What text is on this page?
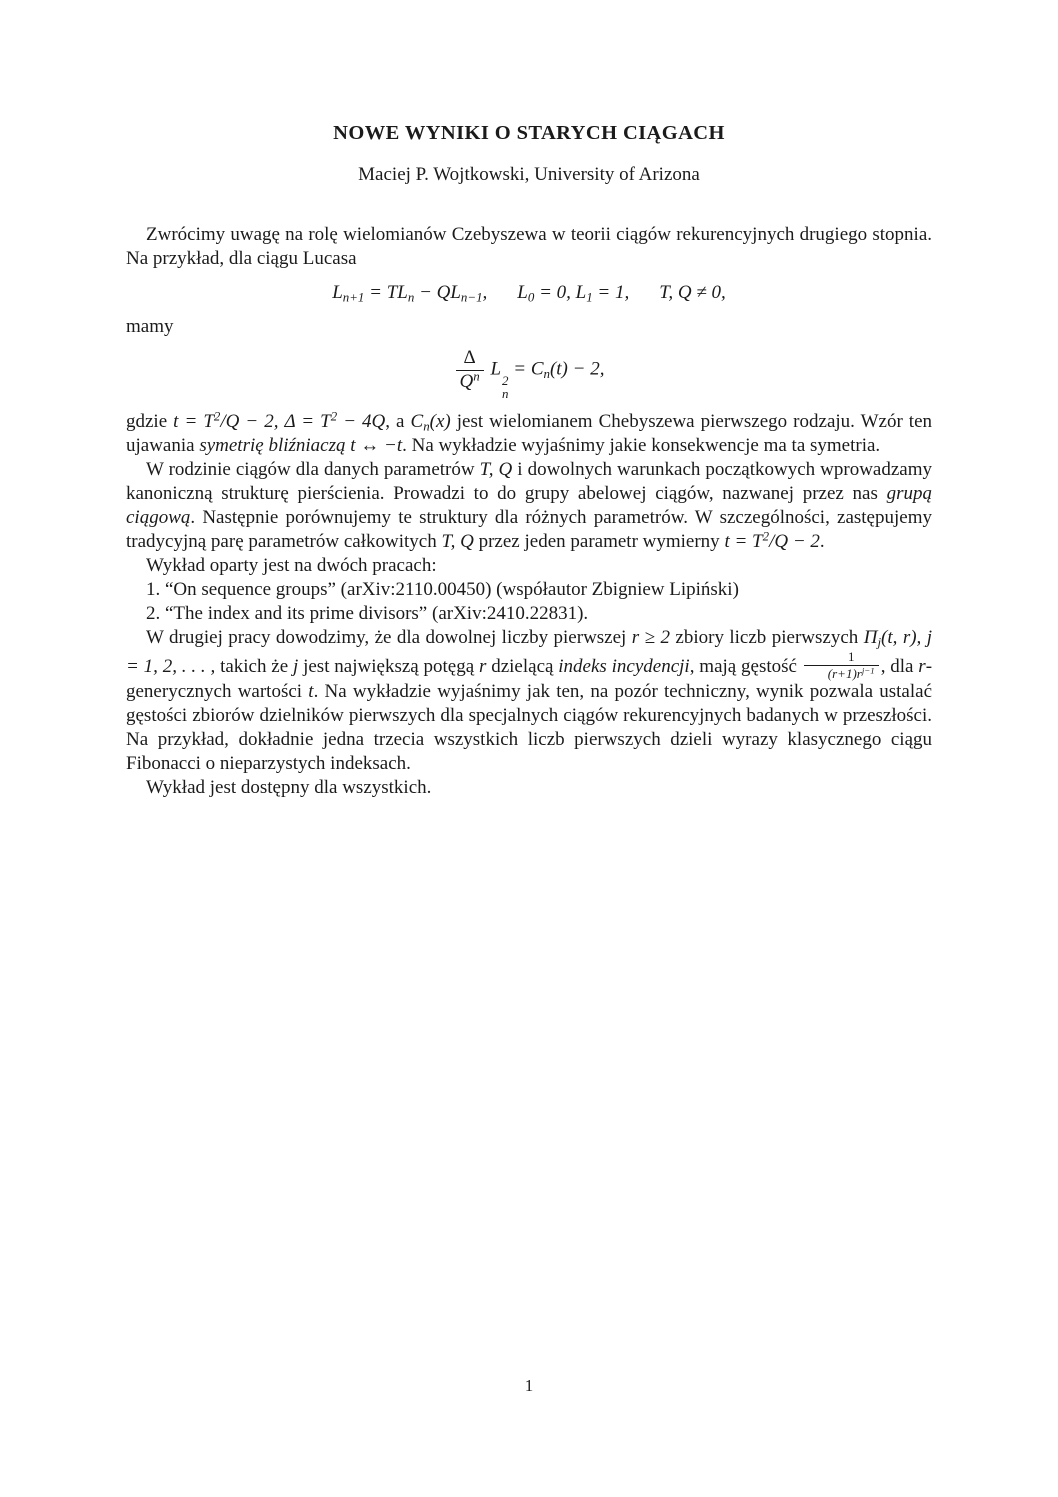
NOWE WYNIKI O STARYCH CIĄGACH
Maciej P. Wojtkowski, University of Arizona

Zwrócimy uwagę na rolę wielomianów Czebyszewa w teorii ciągów rekurencyjnych drugiego stopnia. Na przykład, dla ciągu Lucasa

$L_{n+1} = TL_n - QL_{n-1}$, $L_0 = 0$, $L_1 = 1$, T, Q ≠ 0,

mamy

$\frac{\Delta}{Q^n}$ L
2
n
= $C_n(t) - 2$,

gdzie $t = T^2/Q - 2$, $\Delta = T^2 - 4Q$, a $C_n(x)$ jest wielomianem Chebyszewa pierwszego rodzaju. Wzór ten ujawania symetrię bliźniaczą t ↔ −t. Na wykładzie wyjaśnimy jakie konsekwencje ma ta symetria.

W rodzinie ciągów dla danych parametrów T, Q i dowolnych warunkach początkowych wprowadzamy kanoniczną strukturę pierścienia. Prowadzi to do grupy abelowej ciągów, nazwanej przez nas grupą ciągową. Następnie porównujemy te struktury dla różnych parametrów. W szczególności, zastępujemy tradycyjną parę parametrów całkowitych T, Q przez jeden parametr wymierny $t = T^2/Q - 2$.

Wykład oparty jest na dwóch pracach:

1. “On sequence groups” (arXiv:2110.00450) (współautor Zbigniew Lipiński)

2. “The index and its prime divisors” (arXiv:2410.22831).

W drugiej pracy dowodzimy, że dla dowolnej liczby pierwszej r ≥ 2 zbiory liczb pierwszych $\Pi_j(t$, r), j = 1, 2, . . . , takich że j jest największą potęgą r dzielącą indeks incydencji, mają gęstość $\frac{1}{(r+1)r^{j-1}}$ , dla r-generycznych wartości t. Na wykładzie wyjaśnimy jak ten, na pozór techniczny, wynik pozwala ustalać gęstości zbiorów dzielników pierwszych dla specjalnych ciągów rekurencyjnych badanych w przeszłości. Na przykład, dokładnie jedna trzecia wszystkich liczb pierwszych dzieli wyrazy klasycznego ciągu Fibonacci o nieparzystych indeksach.

Wykład jest dostępny dla wszystkich.

1
